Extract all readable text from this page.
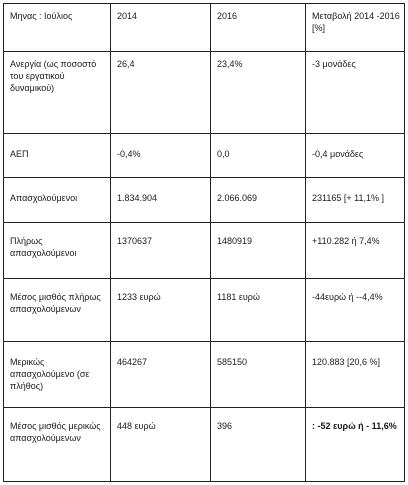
Μηνας : Ιούλιος	2014	2016	Μεταβολή 2014 -2016 [%]
Ανεργία (ως ποσοστό του εργατικού δυναμικού)	26,4	23,4%	-3 μονάδες
ΑΕΠ	-0,4%	0,0	-0,4 μονάδες
Απασχολούμενοι	1.834.904	2.066.069	231165 [+ 11,1% ]
Πλήρως απασχολούμενοι	1370637	1480919	+110.282 ή 7,4%
Μέσος μισθός πλήρως απασχολούμενων	1233 ευρώ	1181 ευρώ	-44ευρώ ή --4,4%
Μερικώς απασχολούμενο (σε πλήθος)	464267	585150	120.883 [20,6 %]
Μέσος μισθός μερικώς απασχολούμενων	448 ευρώ	396	: -52 ευρώ ή - 11,6%
